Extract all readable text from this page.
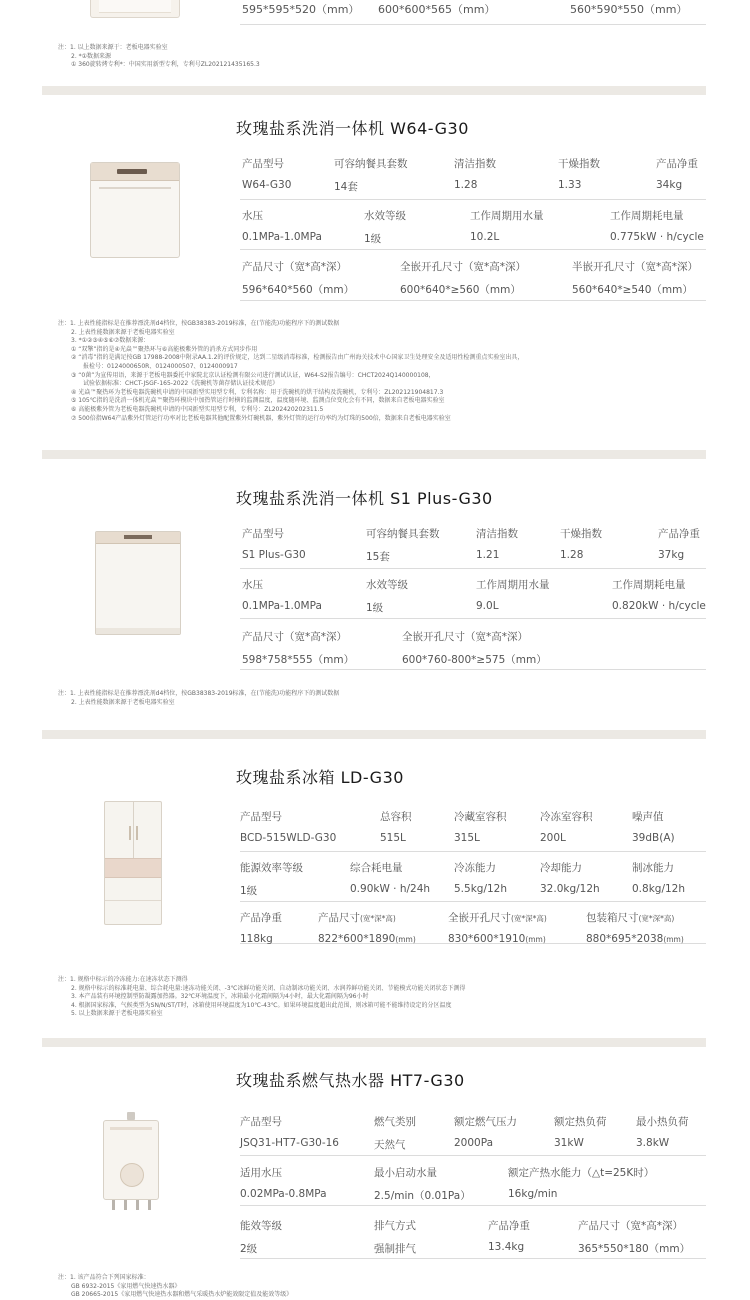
595*595*520（mm） 600*600*565（mm）	560*590*550（mm）
注：1. 以上数据来源于：老板电器实验室
2. *①数据来源
① 360旋转烤专利*：中国实用新型专利，专利号ZL202121435165.3
玫瑰盐系洗消一体机 W64-G30
产品型号
W64-G30
可容纳餐具套数
14套
清洁指数
1.28
干燥指数
1.33
产品净重
34kg
水压
0.1MPa-1.0MPa
水效等级
1级
工作周期用水量
10.2L
工作周期耗电量
0.775kW · h/cycle
产品尺寸（宽*高*深）
596*640*560（mm）
全嵌开孔尺寸（宽*高*深）
600*640*≥560（mm）
半嵌开孔尺寸（宽*高*深）
560*640*≥540（mm）
注：1. 上表性能指标是在推荐漂洗剂d4档位，按GB38383-2019标准，在(节能洗)功能程序下的测试数据
2. 上表性能数据来源于老板电器实验室
3. *①②③④⑤⑥⑦数据来源：
① “双擎”指的是④光焱™聚热环与⑥高能极紫外管的消杀方式同步作用
② “消毒”指的是满足按GB 17988-2008中附录AA.1.2的评价规定，达到二星级消毒标准，检测报告由广州海关技术中心国家卫生处理安全及适用性检测重点实验室出具，
报检号：0124000650R、0124000507、0124000917
③ “0菌”为宣传用语，来源于老板电器委托中家院北京认证检测有限公司进行测试认证，W64-S2报告编号：CHCT2024Q140000108，
试验依据标准：CHCT-JSGF-165-2022《洗碗机等菌存储认证技术规范》
④ 光焱™聚热环为老板电器洗碗机申请的中国新型实用型专利，专利名称：用于洗碗机的烘干结构及洗碗机，专利号：ZL202121904817.3
⑤ 105℃指的是洗消一体机光焱™聚热环模块中加热管运行时横的监测温度，温度随环境、监测点位变化会有不同，数据来自老板电器实验室
⑥ 高能极紫外管为老板电器洗碗机申请的中国新型实用型专利，专利号：ZL202420202311.5
⑦ 500倍指W64产品紫外灯管运行功率对比老板电器其他配置紫外灯碗机器，紫外灯管的运行功率约为灯珠的500倍，数据来自老板电器实验室
玫瑰盐系洗消一体机 S1 Plus-G30
产品型号
S1 Plus-G30
可容纳餐具套数
15套
清洁指数
1.21
干燥指数
1.28
产品净重
37kg
水压
0.1MPa-1.0MPa
水效等级
1级
工作周期用水量
9.0L
工作周期耗电量
0.820kW · h/cycle
产品尺寸（宽*高*深）
598*758*555（mm）
全嵌开孔尺寸（宽*高*深）
600*760-800*≥575（mm）
注：1. 上表性能指标是在推荐漂洗剂d4档位，按GB38383-2019标准，在(节能洗)功能程序下的测试数据
2. 上表性能数据来源于老板电器实验室
玫瑰盐系冰箱 LD-G30
产品型号
BCD-515WLD-G30
总容积
515L
冷藏室容积
315L
冷冻室容积
200L
噪声值
39dB(A)
能源效率等级
1级
综合耗电量
0.90kW · h/24h
冷冻能力
5.5kg/12h
冷却能力
32.0kg/12h
制冰能力
0.8kg/12h
产品净重
118kg
产品尺寸(宽*深*高)
822*600*1890(mm)
全嵌开孔尺寸(宽*深*高)
830*600*1910(mm)
包装箱尺寸(宽*深*高)
880*695*2038(mm)
注：1. 规格中标示的冷冻能力:在速冻状态下测得
2. 规格中标示的标准耗电量、综合耗电量:速冻功能关闭、-3℃冰鲜功能关闭、自动制冰功能关闭、水润养鲜功能关闭、节能模式功能关闭状态下测得
3. 本产品装有环境控制型防凝露加热器。32℃环境温度下，冰箱最小化霜间隔为4小时，最大化霜间隔为96小时
4. 根据国家标准，气候类型为SN/N/ST/T时，冰箱使用环境温度为10℃-43℃。如果环境温度超出此范围，则冰箱可能不能维持设定的分区温度
5. 以上数据来源于老板电器实验室
玫瑰盐系燃气热水器 HT7-G30
产品型号
JSQ31-HT7-G30-16
燃气类别
天然气
额定燃气压力
2000Pa
额定热负荷
31kW
最小热负荷
3.8kW
适用水压
0.02MPa-0.8MPa
最小启动水量
2.5/min（0.01Pa）
额定产热水能力（△t=25K时）
16kg/min
能效等级
2级
排气方式
强制排气
产品净重
13.4kg
产品尺寸（宽*高*深）
365*550*180（mm）
注：1. 该产品符合下列国家标准：
GB 6932-2015《家用燃气快速热水器》
GB 20665-2015《家用燃气快速热水器和燃气采暖热水炉能效限定值及能效等级》
